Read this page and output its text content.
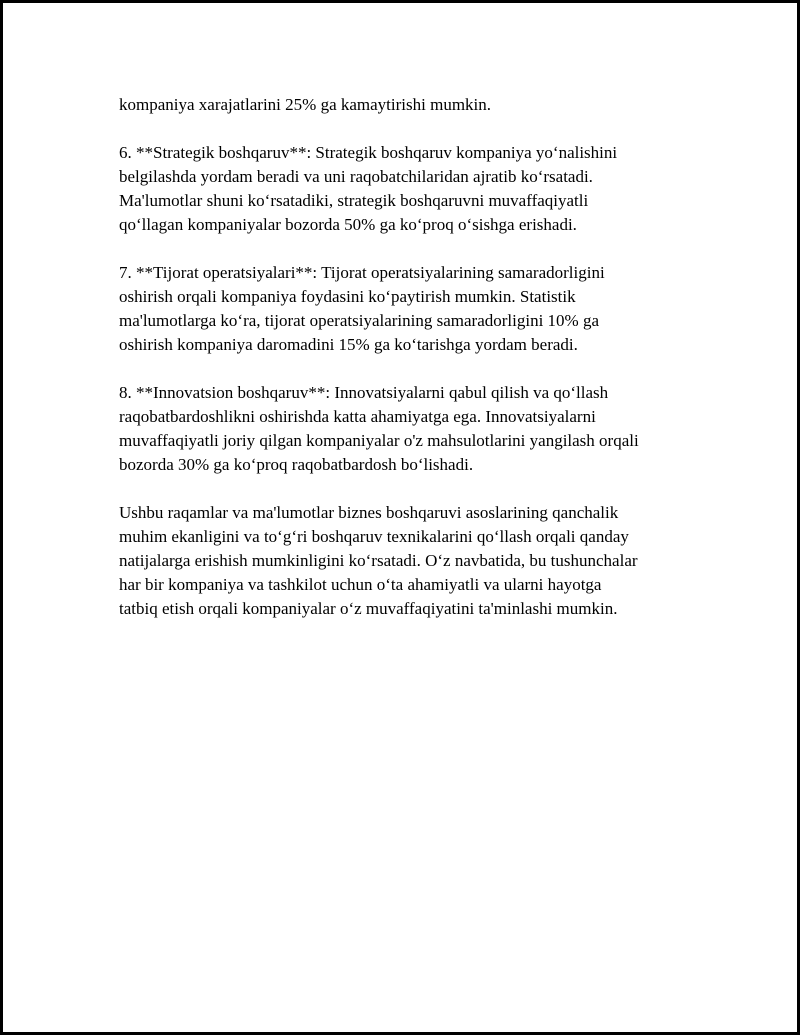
kompaniya xarajatlarini 25% ga kamaytirishi mumkin.

6. **Strategik boshqaruv**: Strategik boshqaruv kompaniya yoʻnalishini
belgilashda yordam beradi va uni raqobatchilaridan ajratib koʻrsatadi.
Ma'lumotlar shuni koʻrsatadiki, strategik boshqaruvni muvaffaqiyatli
qoʻllagan kompaniyalar bozorda 50% ga koʻproq oʻsishga erishadi.

7. **Tijorat operatsiyalari**: Tijorat operatsiyalarining samaradorligini
oshirish orqali kompaniya foydasini koʻpaytirish mumkin. Statistik
ma'lumotlarga koʻra, tijorat operatsiyalarining samaradorligini 10% ga
oshirish kompaniya daromadini 15% ga koʻtarishga yordam beradi.

8. **Innovatsion boshqaruv**: Innovatsiyalarni qabul qilish va qoʻllash
raqobatbardoshlikni oshirishda katta ahamiyatga ega. Innovatsiyalarni
muvaffaqiyatli joriy qilgan kompaniyalar o'z mahsulotlarini yangilash orqali
bozorda 30% ga koʻproq raqobatbardosh boʻlishadi.

Ushbu raqamlar va ma'lumotlar biznes boshqaruvi asoslarining qanchalik
muhim ekanligini va toʻgʻri boshqaruv texnikalarini qoʻllash orqali qanday
natijalarga erishish mumkinligini koʻrsatadi. Oʻz navbatida, bu tushunchalar
har bir kompaniya va tashkilot uchun oʻta ahamiyatli va ularni hayotga
tatbiq etish orqali kompaniyalar oʻz muvaffaqiyatini ta'minlashi mumkin.
